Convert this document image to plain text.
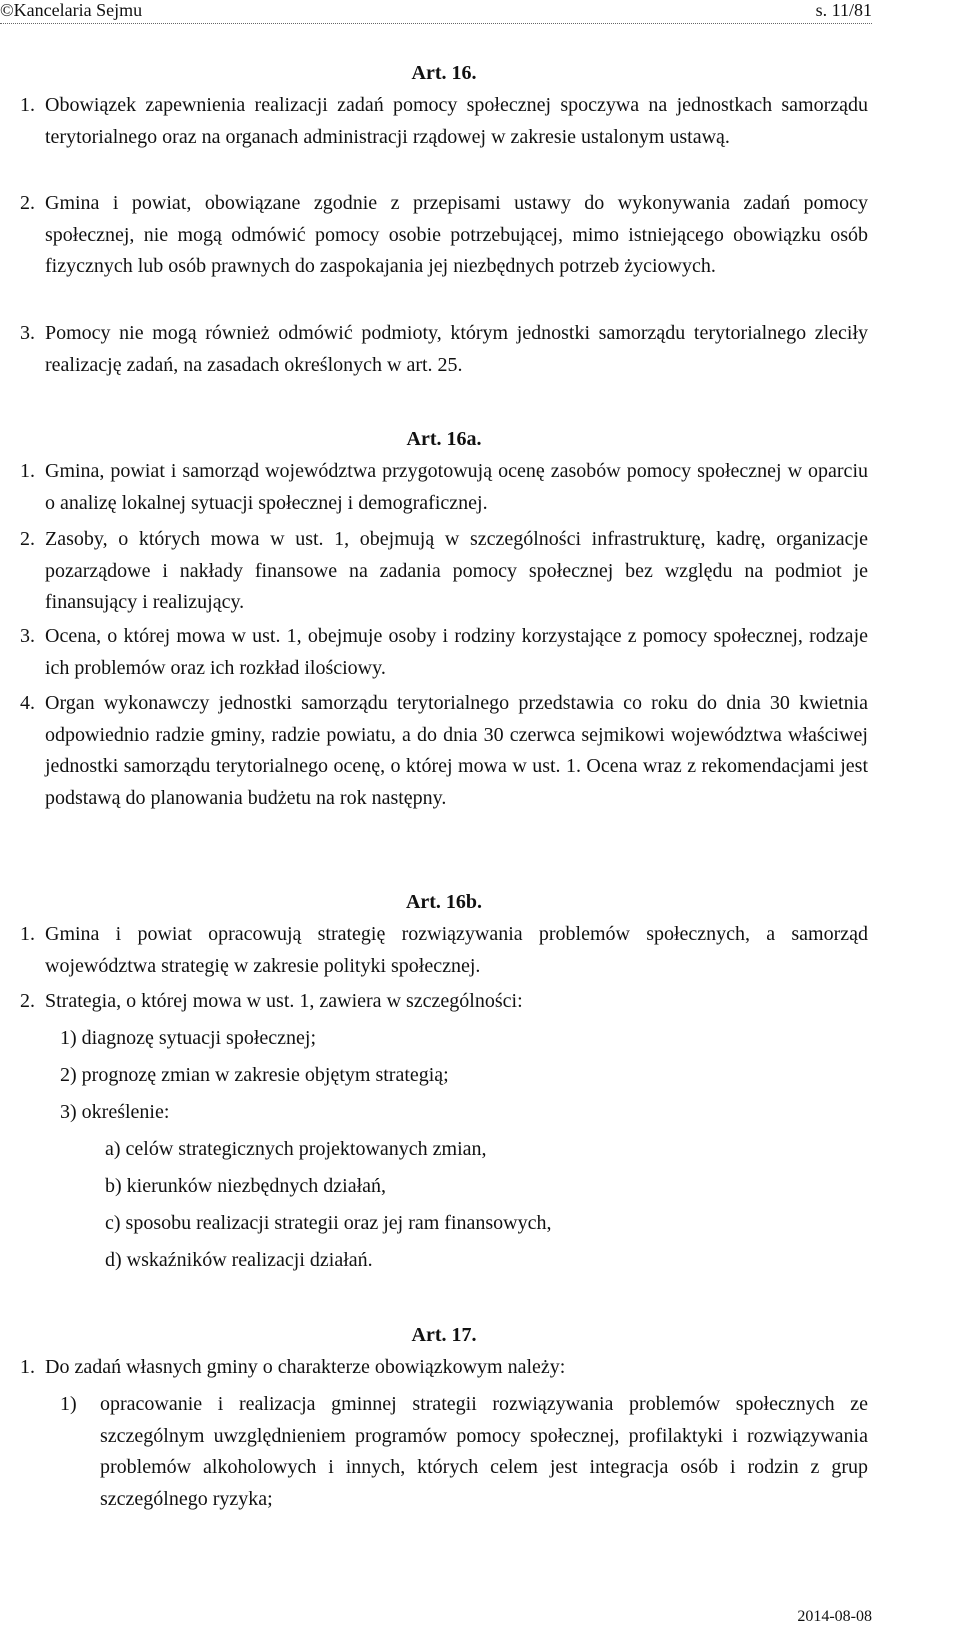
©Kancelaria Sejmu	s. 11/81
Art. 16.
1. Obowiązek zapewnienia realizacji zadań pomocy społecznej spoczywa na jednostkach samorządu terytorialnego oraz na organach administracji rządowej w zakresie ustalonym ustawą.
2. Gmina i powiat, obowiązane zgodnie z przepisami ustawy do wykonywania zadań pomocy społecznej, nie mogą odmówić pomocy osobie potrzebującej, mimo istniejącego obowiązku osób fizycznych lub osób prawnych do zaspokajania jej niezbędnych potrzeb życiowych.
3. Pomocy nie mogą również odmówić podmioty, którym jednostki samorządu terytorialnego zleciły realizację zadań, na zasadach określonych w art. 25.
Art. 16a.
1. Gmina, powiat i samorząd województwa przygotowują ocenę zasobów pomocy społecznej w oparciu o analizę lokalnej sytuacji społecznej i demograficznej.
2. Zasoby, o których mowa w ust. 1, obejmują w szczególności infrastrukturę, kadrę, organizacje pozarządowe i nakłady finansowe na zadania pomocy społecznej bez względu na podmiot je finansujący i realizujący.
3. Ocena, o której mowa w ust. 1, obejmuje osoby i rodziny korzystające z pomocy społecznej, rodzaje ich problemów oraz ich rozkład ilościowy.
4. Organ wykonawczy jednostki samorządu terytorialnego przedstawia co roku do dnia 30 kwietnia odpowiednio radzie gminy, radzie powiatu, a do dnia 30 czerwca sejmikowi województwa właściwej jednostki samorządu terytorialnego ocenę, o której mowa w ust. 1. Ocena wraz z rekomendacjami jest podstawą do planowania budżetu na rok następny.
Art. 16b.
1. Gmina i powiat opracowują strategię rozwiązywania problemów społecznych, a samorząd województwa strategię w zakresie polityki społecznej.
2. Strategia, o której mowa w ust. 1, zawiera w szczególności:
1) diagnozę sytuacji społecznej;
2) prognozę zmian w zakresie objętym strategią;
3) określenie:
a) celów strategicznych projektowanych zmian,
b) kierunków niezbędnych działań,
c) sposobu realizacji strategii oraz jej ram finansowych,
d) wskaźników realizacji działań.
Art. 17.
1. Do zadań własnych gminy o charakterze obowiązkowym należy:
1) opracowanie i realizacja gminnej strategii rozwiązywania problemów społecznych ze szczególnym uwzględnieniem programów pomocy społecznej, profilaktyki i rozwiązywania problemów alkoholowych i innych, których celem jest integracja osób i rodzin z grup szczególnego ryzyka;
2014-08-08
